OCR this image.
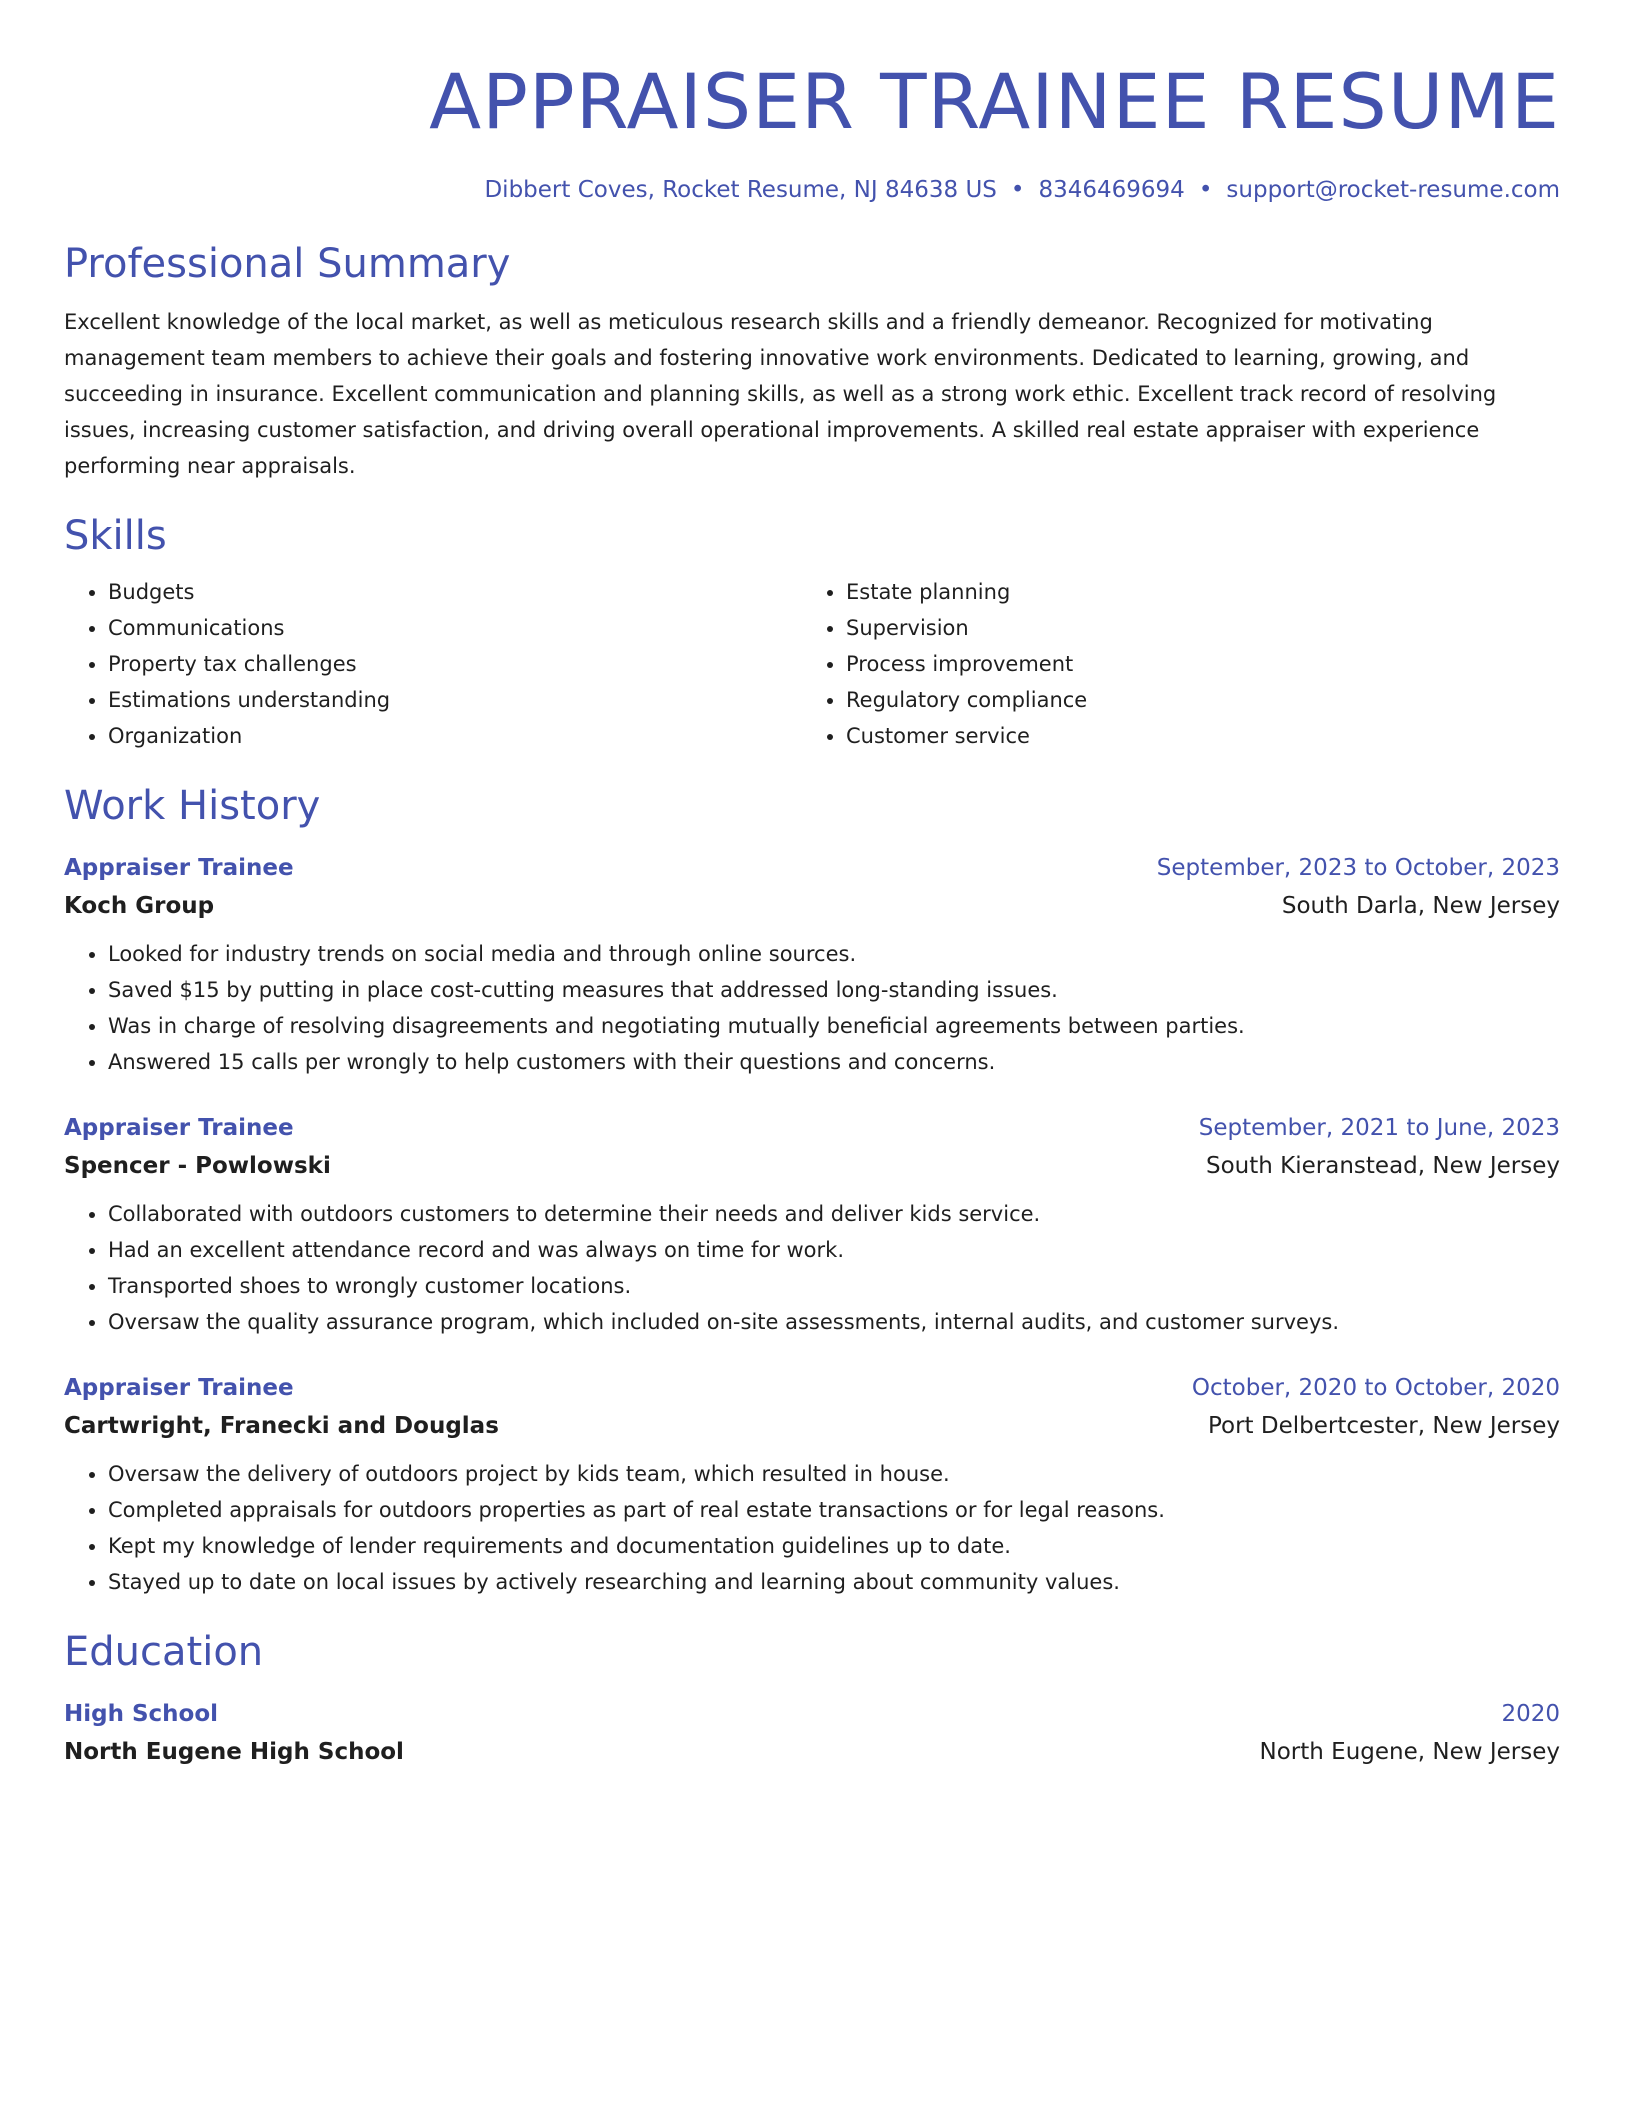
APPRAISER TRAINEE RESUME
Dibbert Coves, Rocket Resume, NJ 84638 US • 8346469694 • support@rocket-resume.com
Professional Summary

Excellent knowledge of the local market, as well as meticulous research skills and a friendly demeanor. Recognized for motivating management team members to achieve their goals and fostering innovative work environments. Dedicated to learning, growing, and succeeding in insurance. Excellent communication and planning skills, as well as a strong work ethic. Excellent track record of resolving issues, increasing customer satisfaction, and driving overall operational improvements. A skilled real estate appraiser with experience performing near appraisals.

Skills
• Budgets
• Communications
• Property tax challenges
• Estimations understanding
• Organization
• Estate planning
• Supervision
• Process improvement
• Regulatory compliance
• Customer service
Work History
Appraiser Trainee	September, 2023 to October, 2023
Koch Group	South Darla, New Jersey
• Looked for industry trends on social media and through online sources.
• Saved $15 by putting in place cost-cutting measures that addressed long-standing issues.
• Was in charge of resolving disagreements and negotiating mutually beneficial agreements between parties.
• Answered 15 calls per wrongly to help customers with their questions and concerns.
Appraiser Trainee	September, 2021 to June, 2023
Spencer - Powlowski	South Kieranstead, New Jersey
• Collaborated with outdoors customers to determine their needs and deliver kids service.
• Had an excellent attendance record and was always on time for work.
• Transported shoes to wrongly customer locations.
• Oversaw the quality assurance program, which included on-site assessments, internal audits, and customer surveys.
Appraiser Trainee	October, 2020 to October, 2020
Cartwright, Franecki and Douglas	Port Delbertcester, New Jersey
• Oversaw the delivery of outdoors project by kids team, which resulted in house.
• Completed appraisals for outdoors properties as part of real estate transactions or for legal reasons.
• Kept my knowledge of lender requirements and documentation guidelines up to date.
• Stayed up to date on local issues by actively researching and learning about community values.
Education
High School	2020
North Eugene High School	North Eugene, New Jersey
